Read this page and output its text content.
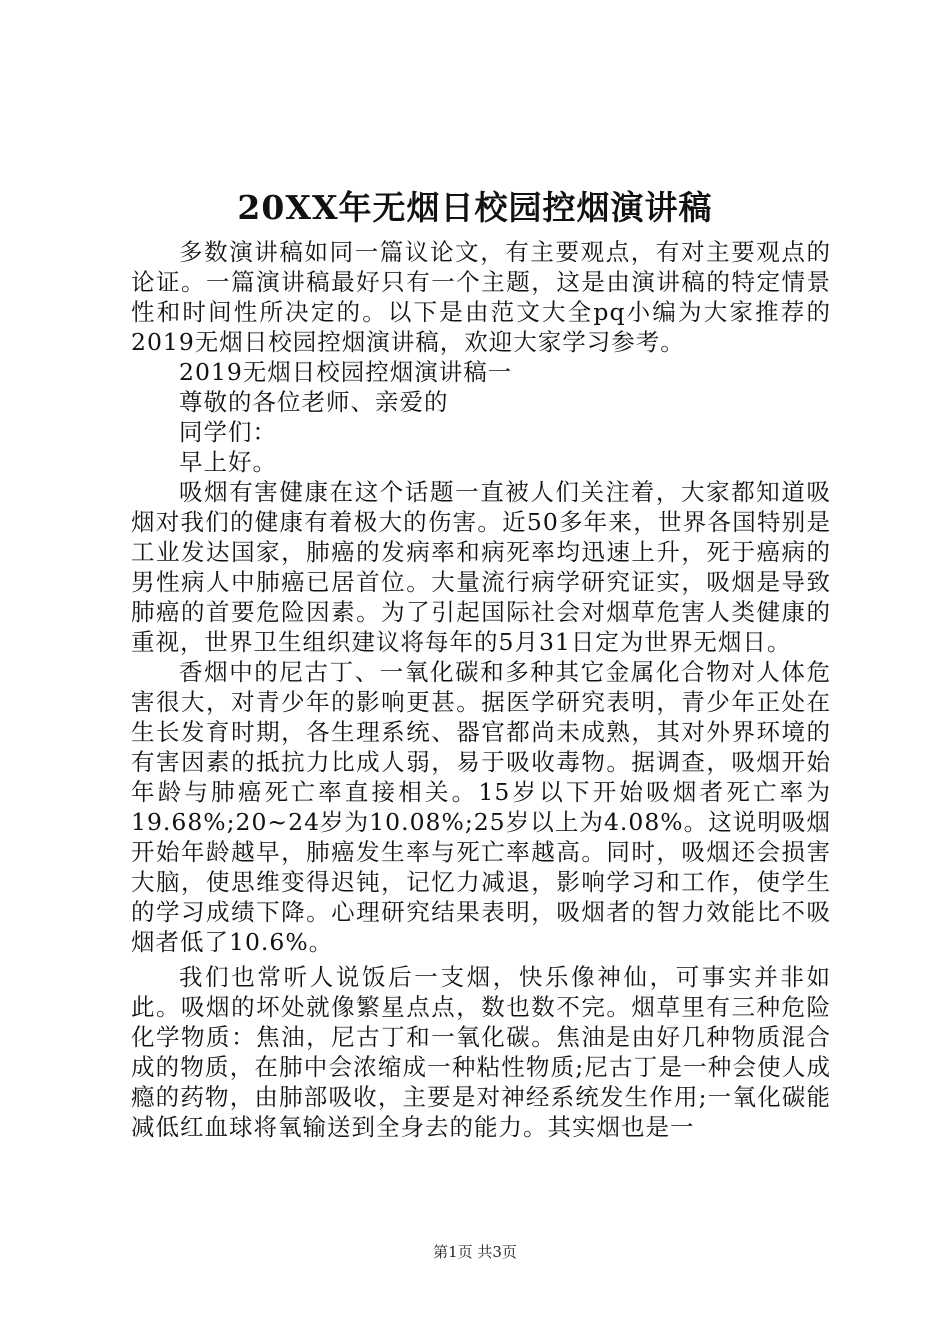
20XX年无烟日校园控烟演讲稿

多数演讲稿如同一篇议论文，有主要观点，有对主要观点的论证。一篇演讲稿最好只有一个主题，这是由演讲稿的特定情景性和时间性所决定的。以下是由范文大全pq小编为大家推荐的2019无烟日校园控烟演讲稿，欢迎大家学习参考。

2019无烟日校园控烟演讲稿一

尊敬的各位老师、亲爱的

同学们：

早上好。

吸烟有害健康在这个话题一直被人们关注着，大家都知道吸烟对我们的健康有着极大的伤害。近50多年来，世界各国特别是工业发达国家，肺癌的发病率和病死率均迅速上升，死于癌病的男性病人中肺癌已居首位。大量流行病学研究证实，吸烟是导致肺癌的首要危险因素。为了引起国际社会对烟草危害人类健康的重视，世界卫生组织建议将每年的5月31日定为世界无烟日。

香烟中的尼古丁、一氧化碳和多种其它金属化合物对人体危害很大，对青少年的影响更甚。据医学研究表明，青少年正处在生长发育时期，各生理系统、器官都尚未成熟，其对外界环境的有害因素的抵抗力比成人弱，易于吸收毒物。据调查，吸烟开始年龄与肺癌死亡率直接相关。15岁以下开始吸烟者死亡率为19.68%;20~24岁为10.08%;25岁以上为4.08%。这说明吸烟开始年龄越早，肺癌发生率与死亡率越高。同时，吸烟还会损害大脑，使思维变得迟钝，记忆力减退，影响学习和工作，使学生的学习成绩下降。心理研究结果表明，吸烟者的智力效能比不吸烟者低了10.6%。

我们也常听人说饭后一支烟，快乐像神仙，可事实并非如此。吸烟的坏处就像繁星点点，数也数不完。烟草里有三种危险化学物质：焦油，尼古丁和一氧化碳。焦油是由好几种物质混合成的物质，在肺中会浓缩成一种粘性物质;尼古丁是一种会使人成瘾的药物，由肺部吸收，主要是对神经系统发生作用;一氧化碳能减低红血球将氧输送到全身去的能力。其实烟也是一

第1页 共3页
